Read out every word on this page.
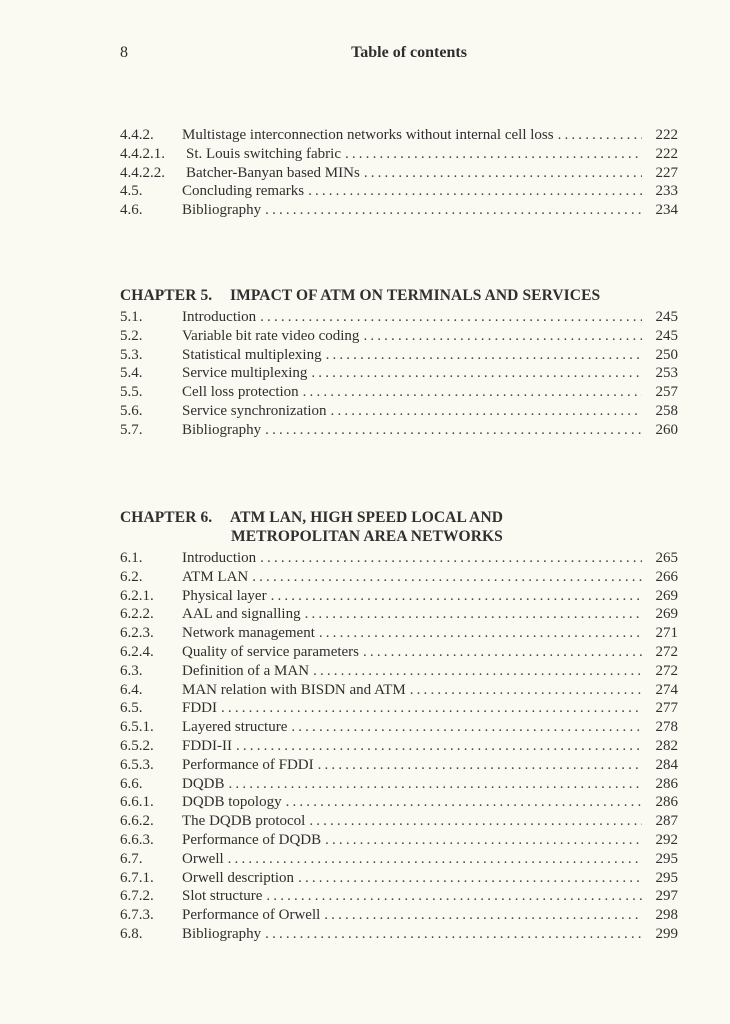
8	Table of contents
4.4.2.	Multistage interconnection networks without internal cell loss . . .	222
4.4.2.1.	St. Louis switching fabric . . .	222
4.4.2.2.	Batcher-Banyan based MINs . . .	227
4.5.	Concluding remarks . . .	233
4.6.	Bibliography . . .	234
CHAPTER 5. IMPACT OF ATM ON TERMINALS AND SERVICES
5.1.	Introduction . . .	245
5.2.	Variable bit rate video coding . . .	245
5.3.	Statistical multiplexing . . .	250
5.4.	Service multiplexing . . .	253
5.5.	Cell loss protection . . .	257
5.6.	Service synchronization . . .	258
5.7.	Bibliography . . .	260
CHAPTER 6. ATM LAN, HIGH SPEED LOCAL AND
METROPOLITAN AREA NETWORKS
6.1.	Introduction . . .	265
6.2.	ATM LAN . . .	266
6.2.1.	Physical layer . . .	269
6.2.2.	AAL and signalling . . .	269
6.2.3.	Network management . . .	271
6.2.4.	Quality of service parameters . . .	272
6.3.	Definition of a MAN . . .	272
6.4.	MAN relation with BISDN and ATM . . .	274
6.5.	FDDI . . .	277
6.5.1.	Layered structure . . .	278
6.5.2.	FDDI-II . . .	282
6.5.3.	Performance of FDDI . . .	284
6.6.	DQDB . . .	286
6.6.1.	DQDB topology . . .	286
6.6.2.	The DQDB protocol . . .	287
6.6.3.	Performance of DQDB . . .	292
6.7.	Orwell . . .	295
6.7.1.	Orwell description . . .	295
6.7.2.	Slot structure . . .	297
6.7.3.	Performance of Orwell . . .	298
6.8.	Bibliography . . .	299
